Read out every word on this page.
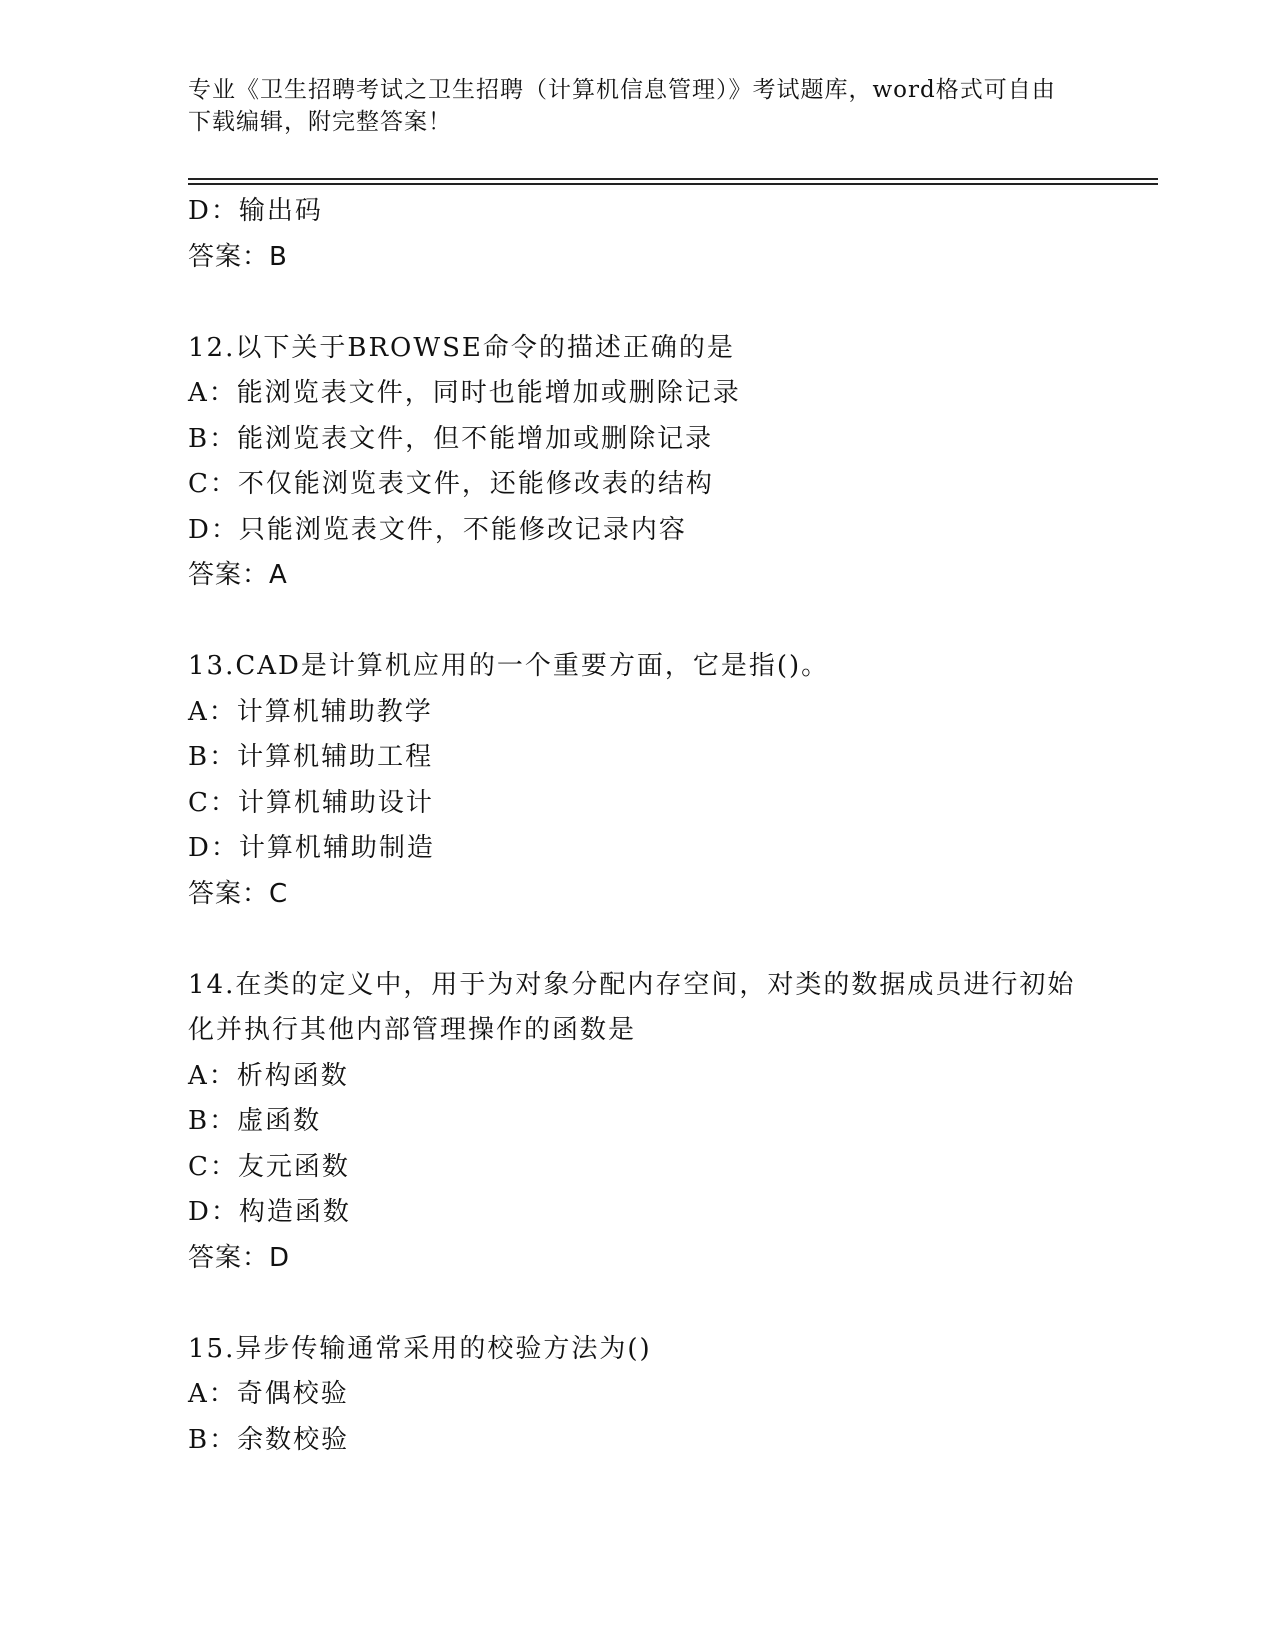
专业《卫生招聘考试之卫生招聘（计算机信息管理）》考试题库，word格式可自由下载编辑，附完整答案！
D：输出码
答案：B
12.以下关于BROWSE命令的描述正确的是
A：能浏览表文件，同时也能增加或删除记录
B：能浏览表文件，但不能增加或删除记录
C：不仅能浏览表文件，还能修改表的结构
D：只能浏览表文件，不能修改记录内容
答案：A
13.CAD是计算机应用的一个重要方面，它是指()。
A：计算机辅助教学
B：计算机辅助工程
C：计算机辅助设计
D：计算机辅助制造
答案：C
14.在类的定义中，用于为对象分配内存空间，对类的数据成员进行初始化并执行其他内部管理操作的函数是
A：析构函数
B：虚函数
C：友元函数
D：构造函数
答案：D
15.异步传输通常采用的校验方法为()
A：奇偶校验
B：余数校验
